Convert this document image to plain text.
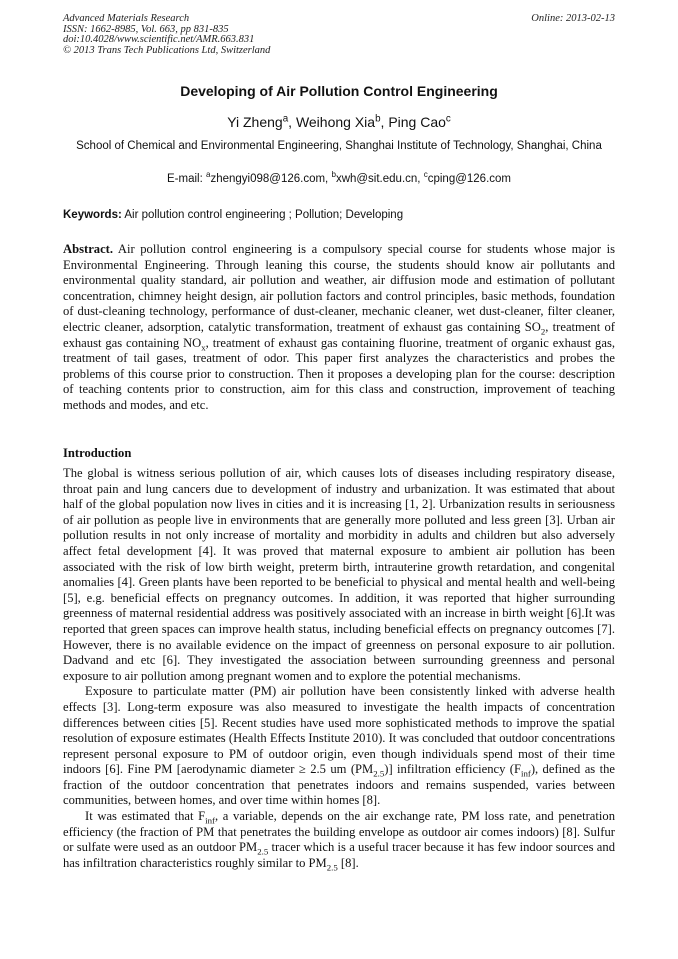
Advanced Materials Research
ISSN: 1662-8985, Vol. 663, pp 831-835
doi:10.4028/www.scientific.net/AMR.663.831
© 2013 Trans Tech Publications Ltd, Switzerland
Online: 2013-02-13
Developing of Air Pollution Control Engineering
Yi Zheng$^a$, Weihong Xia$^b$, Ping Cao$^c$
School of Chemical and Environmental Engineering, Shanghai Institute of Technology, Shanghai, China
E-mail: $^a$zhengyi098@126.com, $^b$xwh@sit.edu.cn, $^c$cping@126.com
Keywords: Air pollution control engineering ; Pollution; Developing
Abstract. Air pollution control engineering is a compulsory special course for students whose major is Environmental Engineering. Through leaning this course, the students should know air pollutants and environmental quality standard, air pollution and weather, air diffusion mode and estimation of pollutant concentration, chimney height design, air pollution factors and control principles, basic methods, foundation of dust-cleaning technology, performance of dust-cleaner, mechanic cleaner, wet dust-cleaner, filter cleaner, electric cleaner, adsorption, catalytic transformation, treatment of exhaust gas containing $SO_2$, treatment of exhaust gas containing $NO_x$, treatment of exhaust gas containing fluorine, treatment of organic exhaust gas, treatment of tail gases, treatment of odor. This paper first analyzes the characteristics and probes the problems of this course prior to construction. Then it proposes a developing plan for the course: description of teaching contents prior to construction, aim for this class and construction, improvement of teaching methods and modes, and etc.
Introduction

The global is witness serious pollution of air, which causes lots of diseases including respiratory disease, throat pain and lung cancers due to development of industry and urbanization. It was estimated that about half of the global population now lives in cities and it is increasing [1, 2]. Urbanization results in seriousness of air pollution as people live in environments that are generally more polluted and less green [3]. Urban air pollution results in not only increase of mortality and morbidity in adults and children but also adversely affect fetal development [4]. It was proved that maternal exposure to ambient air pollution has been associated with the risk of low birth weight, preterm birth, intrauterine growth retardation, and congenital anomalies [4]. Green plants have been reported to be beneficial to physical and mental health and well-being [5], e.g. beneficial effects on pregnancy outcomes. In addition, it was reported that higher surrounding greenness of maternal residential address was positively associated with an increase in birth weight [6].It was reported that green spaces can improve health status, including beneficial effects on pregnancy outcomes [7]. However, there is no available evidence on the impact of greenness on personal exposure to air pollution. Dadvand and etc [6]. They investigated the association between surrounding greenness and personal exposure to air pollution among pregnant women and to explore the potential mechanisms.

Exposure to particulate matter (PM) air pollution have been consistently linked with adverse health effects [3]. Long-term exposure was also measured to investigate the health impacts of concentration differences between cities [5]. Recent studies have used more sophisticated methods to improve the spatial resolution of exposure estimates (Health Effects Institute 2010). It was concluded that outdoor concentrations represent personal exposure to PM of outdoor origin, even though individuals spend most of their time indoors [6]. Fine PM [aerodynamic diameter ≥ 2.5 um $(PM_{2.5})$] infiltration efficiency $(F_{inf})$, defined as the fraction of the outdoor concentration that penetrates indoors and remains suspended, varies between communities, between homes, and over time within homes [8].

It was estimated that $F_{inf}$, a variable, depends on the air exchange rate, PM loss rate, and penetration efficiency (the fraction of PM that penetrates the building envelope as outdoor air comes indoors) [8]. Sulfur or sulfate were used as an outdoor $PM_{2.5}$ tracer which is a useful tracer because it has few indoor sources and has infiltration characteristics roughly similar to $PM_{2.5}$ [8].
